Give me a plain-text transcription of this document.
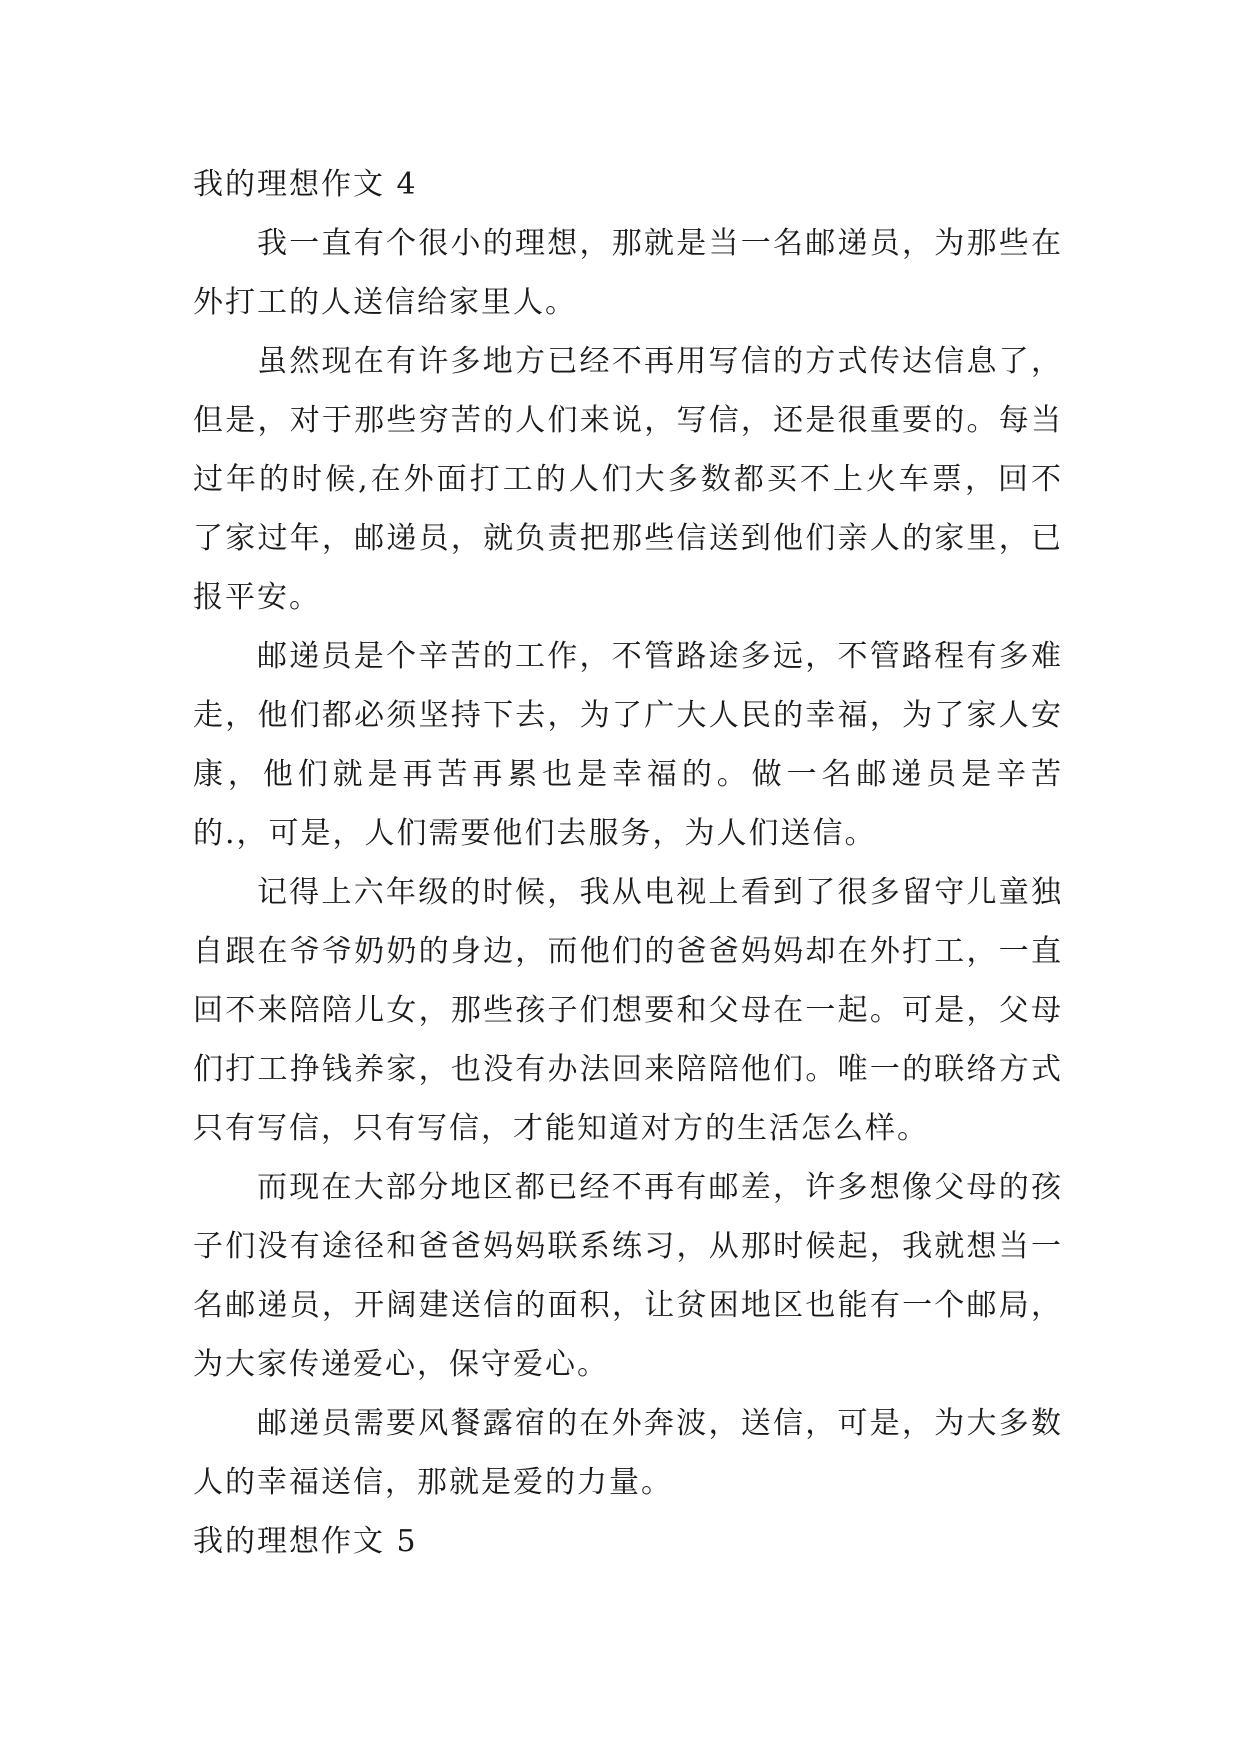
我的理想作文 4

我一直有个很小的理想，那就是当一名邮递员，为那些在外打工的人送信给家里人。

虽然现在有许多地方已经不再用写信的方式传达信息了，但是，对于那些穷苦的人们来说，写信，还是很重要的。每当过年的时候,在外面打工的人们大多数都买不上火车票，回不了家过年，邮递员，就负责把那些信送到他们亲人的家里，已报平安。

邮递员是个辛苦的工作，不管路途多远，不管路程有多难走，他们都必须坚持下去，为了广大人民的幸福，为了家人安康，他们就是再苦再累也是幸福的。做一名邮递员是辛苦的.，可是，人们需要他们去服务，为人们送信。

记得上六年级的时候，我从电视上看到了很多留守儿童独自跟在爷爷奶奶的身边，而他们的爸爸妈妈却在外打工，一直回不来陪陪儿女，那些孩子们想要和父母在一起。可是，父母们打工挣钱养家，也没有办法回来陪陪他们。唯一的联络方式只有写信，只有写信，才能知道对方的生活怎么样。

而现在大部分地区都已经不再有邮差，许多想像父母的孩子们没有途径和爸爸妈妈联系练习，从那时候起，我就想当一名邮递员，开阔建送信的面积，让贫困地区也能有一个邮局，为大家传递爱心，保守爱心。

邮递员需要风餐露宿的在外奔波，送信，可是，为大多数人的幸福送信，那就是爱的力量。

我的理想作文 5
